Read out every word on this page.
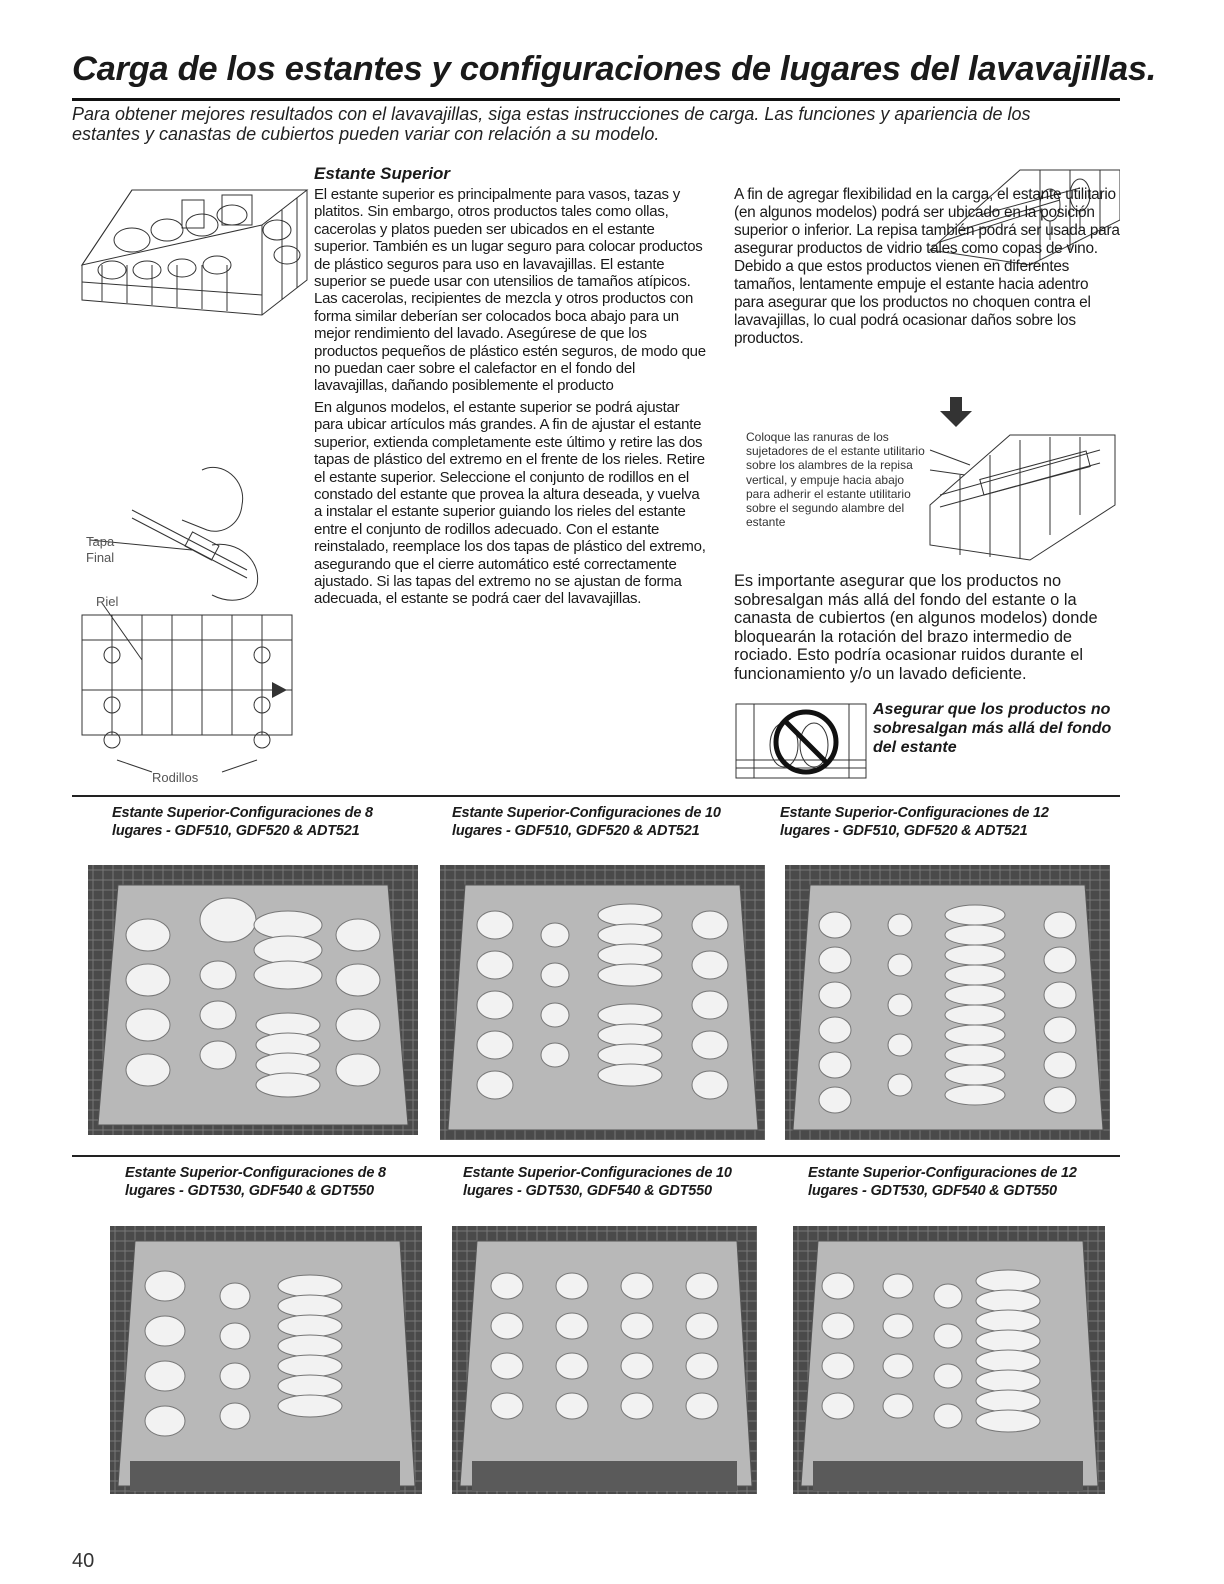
Carga de los estantes y configuraciones de lugares del lavavajillas.
Para obtener mejores resultados con el lavavajillas, siga estas instrucciones de carga. Las funciones y apariencia de los estantes y canastas de cubiertos pueden variar con relación a su modelo.
Tapa Final
Riel
Rodillos
Estante Superior

El estante superior es principalmente para vasos, tazas y platitos. Sin embargo, otros productos tales como ollas, cacerolas y platos pueden ser ubicados en el estante superior. También es un lugar seguro para colocar productos de plástico seguros para uso en lavavajillas. El estante superior se puede usar con utensilios de tamaños atípicos. Las cacerolas, recipientes de mezcla y otros productos con forma similar deberían ser colocados boca abajo para un mejor rendimiento del lavado. Asegúrese de que los productos pequeños de plástico estén seguros, de modo que no puedan caer sobre el calefactor en el fondo del lavavajillas, dañando posiblemente el producto

En algunos modelos, el estante superior se podrá ajustar para ubicar artículos más grandes. A fin de ajustar el estante superior, extienda completamente este último y retire las dos tapas de plástico del extremo en el frente de los rieles. Retire el estante superior. Seleccione el conjunto de rodillos en el constado del estante que provea la altura deseada, y vuelva a instalar el estante superior guiando los rieles del estante entre el conjunto de rodillos adecuado. Con el estante reinstalado, reemplace los dos tapas de plástico del extremo, asegurando que el cierre automático esté correctamente ajustado. Si las tapas del extremo no se ajustan de forma adecuada, el estante se podrá caer del lavavajillas.

A fin de agregar flexibilidad en la carga, el estante utilitario (en algunos modelos) podrá ser ubicado en la posición superior o inferior. La repisa también podrá ser usada para asegurar productos de vidrio tales como copas de vino. Debido a que estos productos vienen en diferentes tamaños, lentamente empuje el estante hacia adentro para asegurar que los productos no choquen contra el lavavajillas, lo cual podrá ocasionar daños sobre los productos.
Coloque las ranuras de los sujetadores de el estante utilitario sobre los alambres de la repisa vertical, y empuje hacia abajo para adherir el estante utilitario sobre el segundo alambre del estante
Es importante asegurar que los productos no sobresalgan más allá del fondo del estante o la canasta de cubiertos (en algunos modelos) donde bloquearán la rotación del brazo intermedio de rociado. Esto podría ocasionar ruidos durante el funcionamiento y/o un lavado deficiente.
Asegurar que los productos no sobresalgan más allá del fondo del estante
Estante Superior-Configuraciones de 8 lugares - GDF510, GDF520 & ADT521
Estante Superior-Configuraciones de 10 lugares - GDF510, GDF520 & ADT521
Estante Superior-Configuraciones de 12 lugares - GDF510, GDF520 & ADT521
Estante Superior-Configuraciones de 8 lugares - GDT530, GDF540 & GDT550
Estante Superior-Configuraciones de 10 lugares - GDT530, GDF540 & GDT550
Estante Superior-Configuraciones de 12 lugares - GDT530, GDF540 & GDT550
40
